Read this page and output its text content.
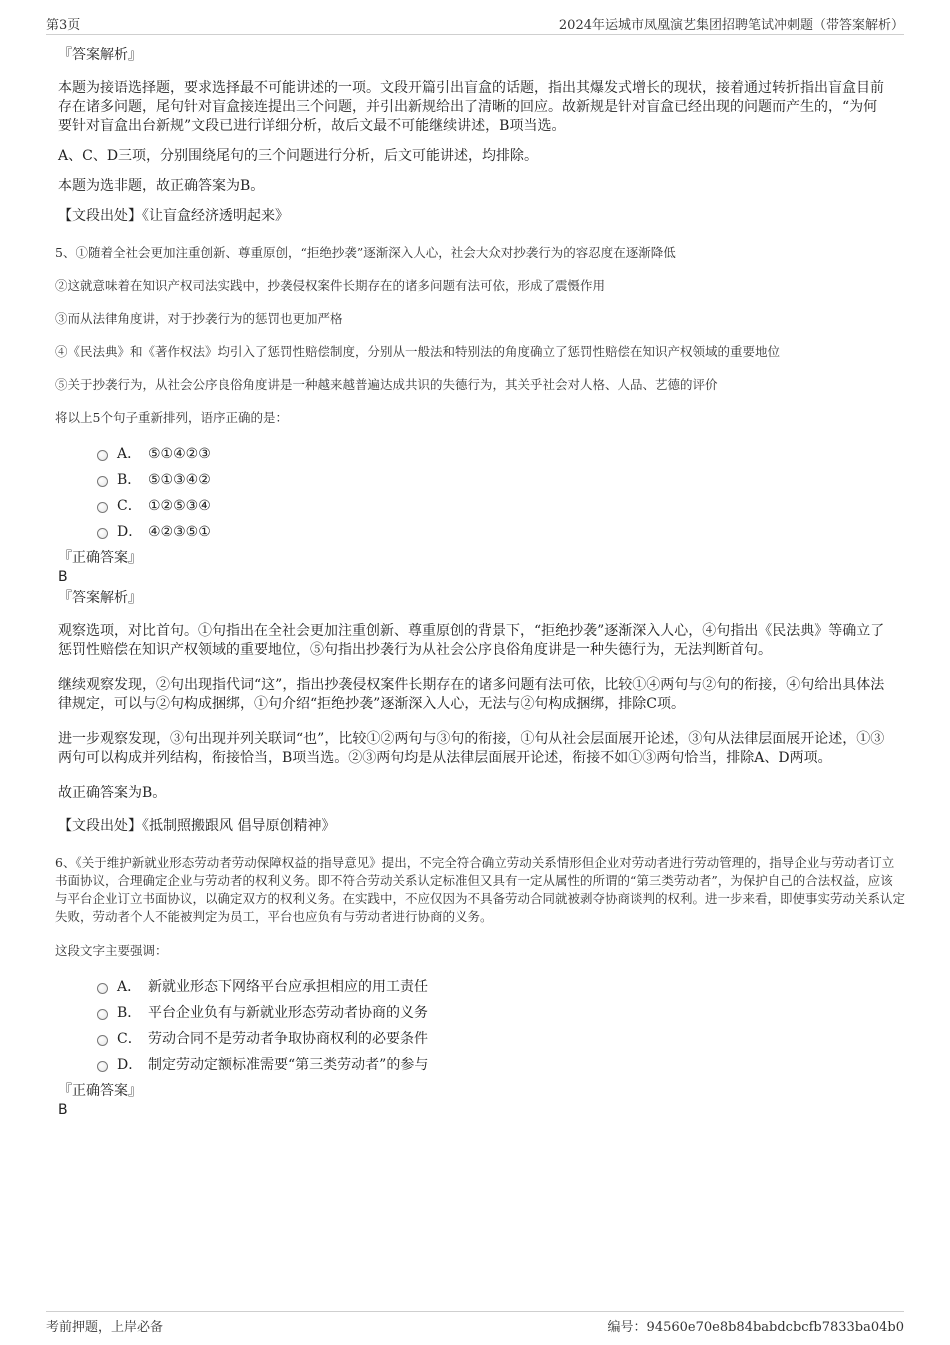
第3页	2024年运城市凤凰演艺集团招聘笔试冲刺题（带答案解析）
『答案解析』
本题为接语选择题，要求选择最不可能讲述的一项。文段开篇引出盲盒的话题，指出其爆发式增长的现状，接着通过转折指出盲盒目前存在诸多问题，尾句针对盲盒接连提出三个问题，并引出新规给出了清晰的回应。故新规是针对盲盒已经出现的问题而产生的，“为何要针对盲盒出台新规”文段已进行详细分析，故后文最不可能继续讲述，B项当选。
A、C、D三项，分别围绕尾句的三个问题进行分析，后文可能讲述，均排除。
本题为选非题，故正确答案为B。
【文段出处】《让盲盒经济透明起来》
5、①随着全社会更加注重创新、尊重原创，“拒绝抄袭”逐渐深入人心，社会大众对抄袭行为的容忍度在逐渐降低
②这就意味着在知识产权司法实践中，抄袭侵权案件长期存在的诸多问题有法可依，形成了震慑作用
③而从法律角度讲，对于抄袭行为的惩罚也更加严格
④《民法典》和《著作权法》均引入了惩罚性赔偿制度，分别从一般法和特别法的角度确立了惩罚性赔偿在知识产权领域的重要地位
⑤关于抄袭行为，从社会公序良俗角度讲是一种越来越普遍达成共识的失德行为，其关乎社会对人格、人品、艺德的评价
将以上5个句子重新排列，语序正确的是：
A． ⑤①④②③
B． ⑤①③④②
C． ①②⑤③④
D． ④②③⑤①
『正确答案』
B
『答案解析』
观察选项，对比首句。①句指出在全社会更加注重创新、尊重原创的背景下，“拒绝抄袭”逐渐深入人心，④句指出《民法典》等确立了惩罚性赔偿在知识产权领域的重要地位，⑤句指出抄袭行为从社会公序良俗角度讲是一种失德行为，无法判断首句。
继续观察发现，②句出现指代词“这”，指出抄袭侵权案件长期存在的诸多问题有法可依，比较①④两句与②句的衔接，④句给出具体法律规定，可以与②句构成捆绑，①句介绍“拒绝抄袭”逐渐深入人心，无法与②句构成捆绑，排除C项。
进一步观察发现，③句出现并列关联词“也”，比较①②两句与③句的衔接，①句从社会层面展开论述，③句从法律层面展开论述，①③两句可以构成并列结构，衔接恰当，B项当选。②③两句均是从法律层面展开论述，衔接不如①③两句恰当，排除A、D两项。
故正确答案为B。
【文段出处】《抵制照搬跟风 倡导原创精神》
6、《关于维护新就业形态劳动者劳动保障权益的指导意见》提出，不完全符合确立劳动关系情形但企业对劳动者进行劳动管理的，指导企业与劳动者订立书面协议，合理确定企业与劳动者的权利义务。即不符合劳动关系认定标准但又具有一定从属性的所谓的“第三类劳动者”，为保护自己的合法权益，应该与平台企业订立书面协议，以确定双方的权利义务。在实践中，不应仅因为不具备劳动合同就被剥夺协商谈判的权利。进一步来看，即使事实劳动关系认定失败，劳动者个人不能被判定为员工，平台也应负有与劳动者进行协商的义务。
这段文字主要强调：
A． 新就业形态下网络平台应承担相应的用工责任
B． 平台企业负有与新就业形态劳动者协商的义务
C． 劳动合同不是劳动者争取协商权利的必要条件
D． 制定劳动定额标准需要“第三类劳动者”的参与
『正确答案』
B
考前押题，上岸必备	编号：94560e70e8b84babdcbcfb7833ba04b0
